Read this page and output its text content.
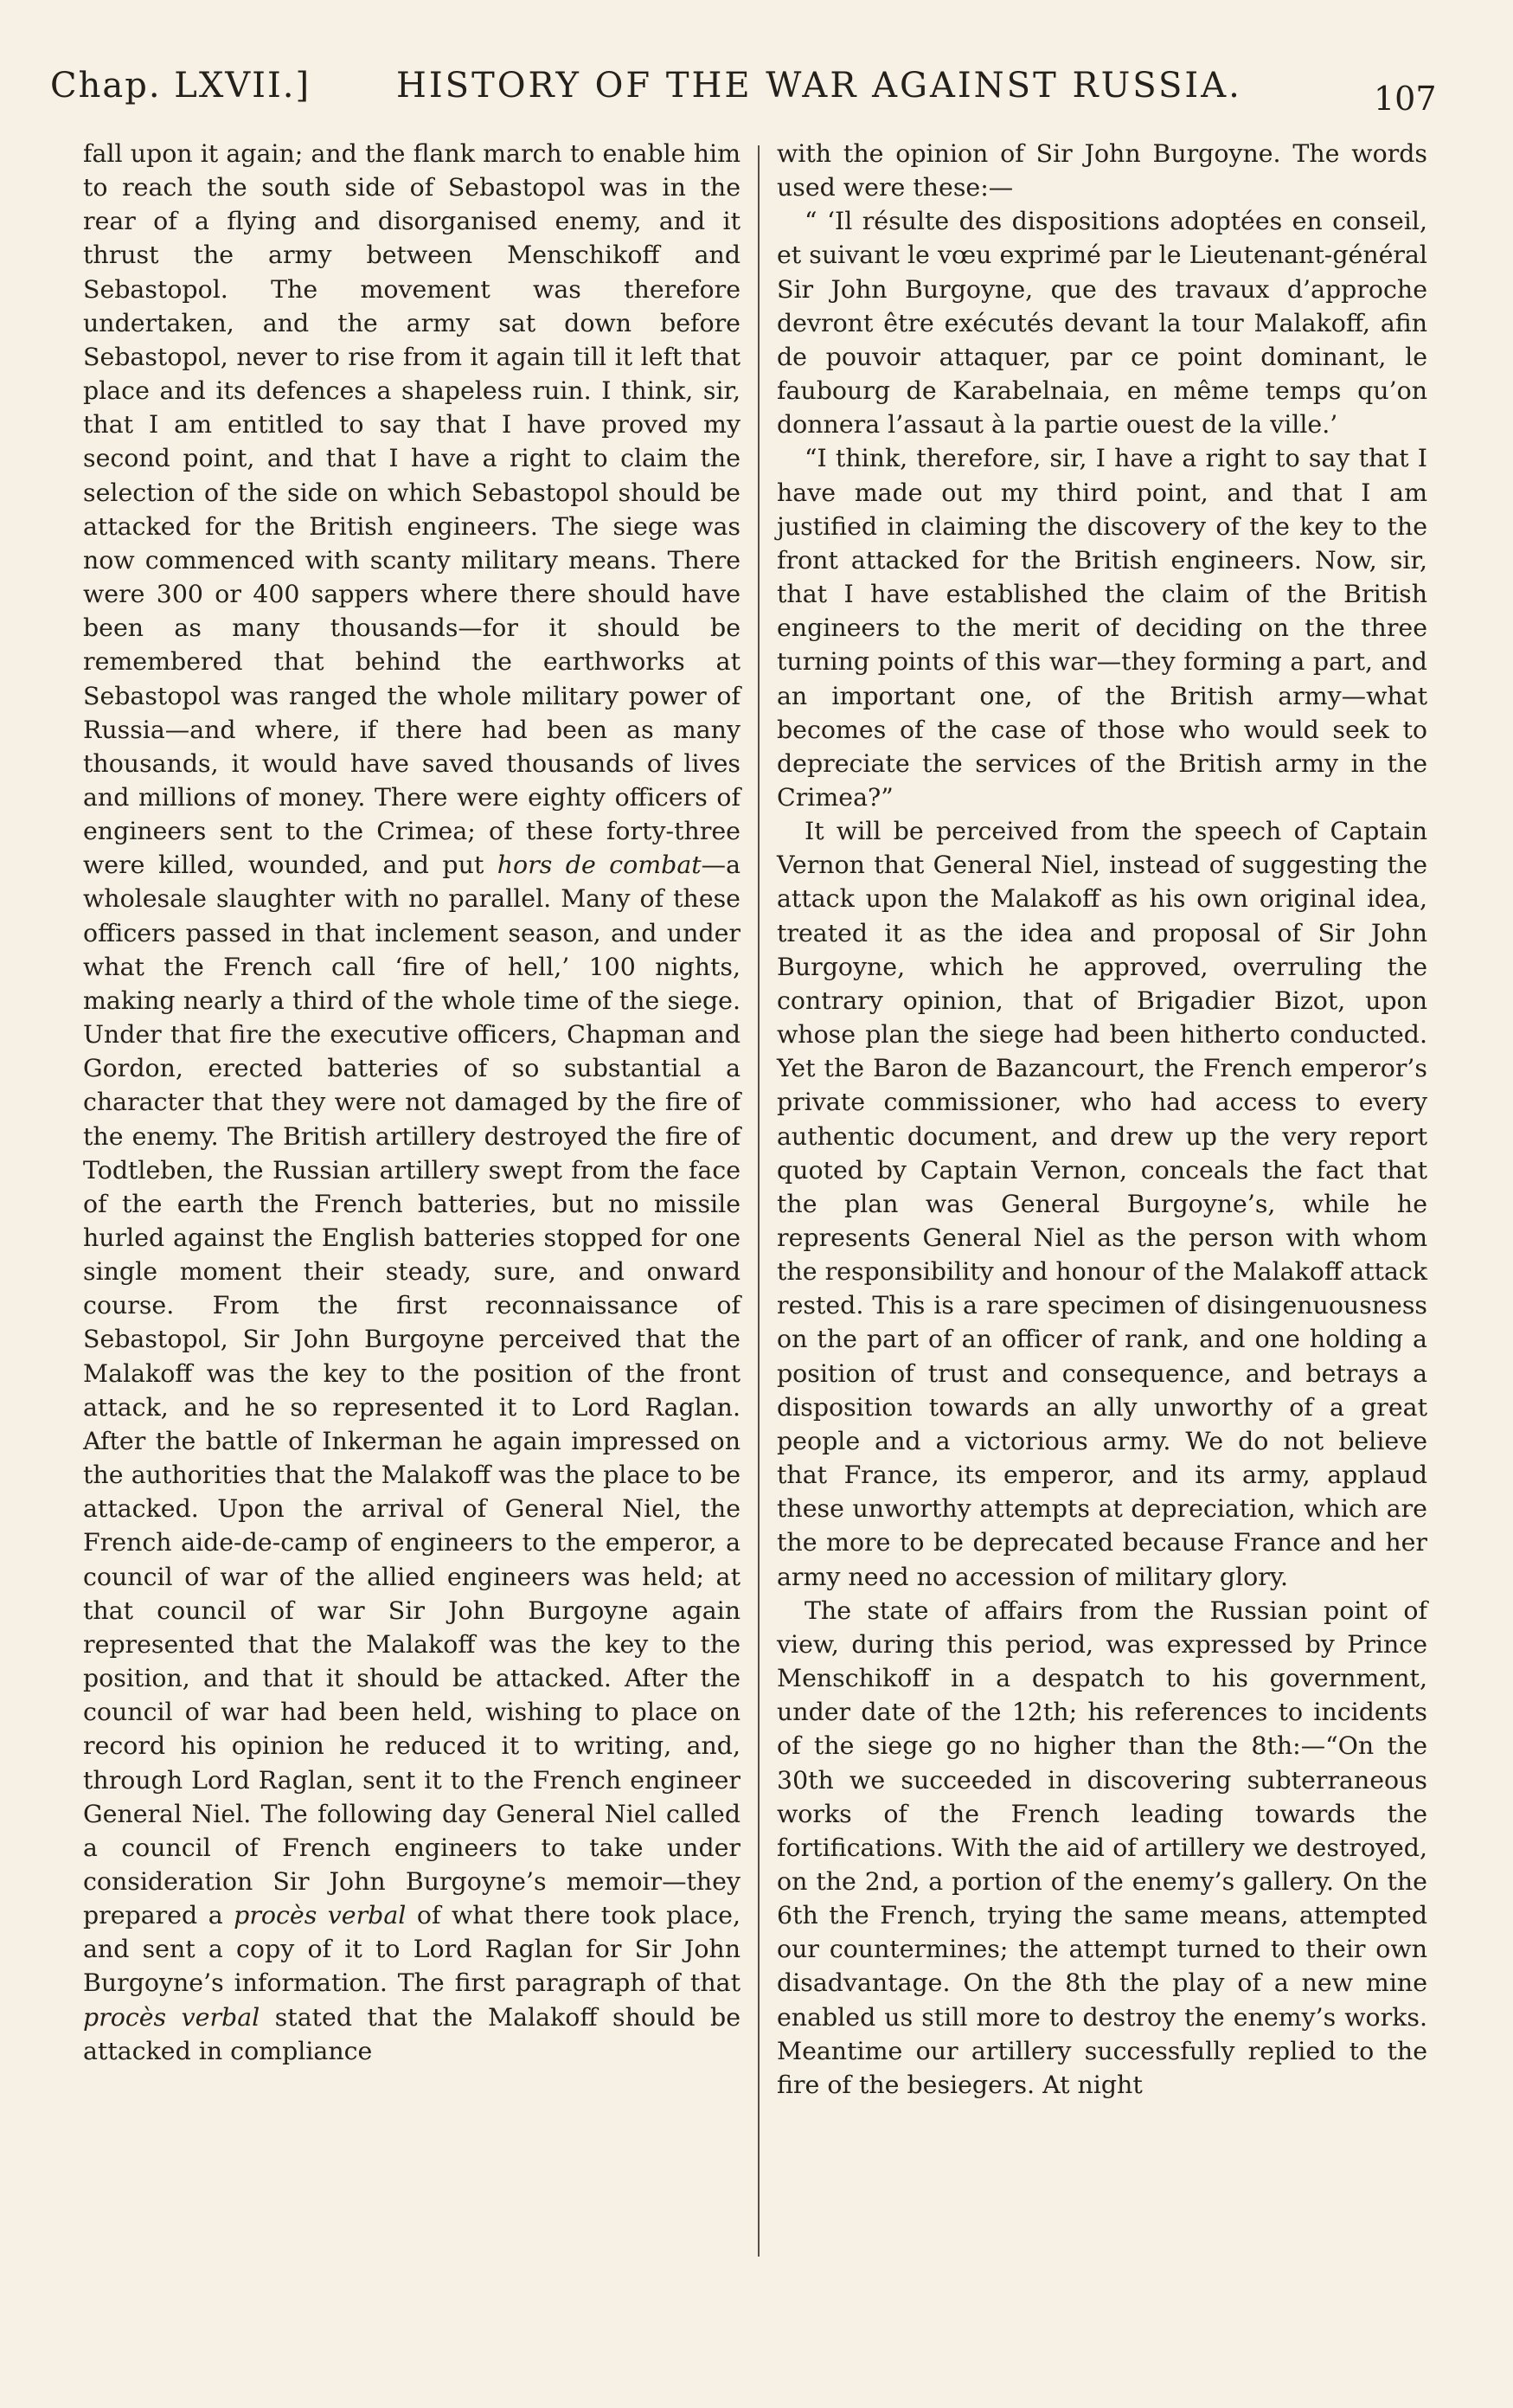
Chap. LXVII.] HISTORY OF THE WAR AGAINST RUSSIA.	107

fall upon it again; and the flank march to enable him to reach the south side of Sebastopol was in the rear of a flying and disorganised enemy, and it thrust the army between Menschikoff and Sebastopol. The movement was therefore undertaken, and the army sat down before Sebastopol, never to rise from it again till it left that place and its defences a shapeless ruin. I think, sir, that I am entitled to say that I have proved my second point, and that I have a right to claim the selection of the side on which Sebastopol should be attacked for the British engineers. The siege was now commenced with scanty military means. There were 300 or 400 sappers where there should have been as many thousands—for it should be remembered that behind the earthworks at Sebastopol was ranged the whole military power of Russia—and where, if there had been as many thousands, it would have saved thousands of lives and millions of money. There were eighty officers of engineers sent to the Crimea; of these forty-three were killed, wounded, and put hors de combat—a wholesale slaughter with no parallel. Many of these officers passed in that inclement season, and under what the French call ‘fire of hell,’ 100 nights, making nearly a third of the whole time of the siege. Under that fire the executive officers, Chapman and Gordon, erected batteries of so substantial a character that they were not damaged by the fire of the enemy. The British artillery destroyed the fire of Todtleben, the Russian artillery swept from the face of the earth the French batteries, but no missile hurled against the English batteries stopped for one single moment their steady, sure, and onward course. From the first reconnaissance of Sebastopol, Sir John Burgoyne perceived that the Malakoff was the key to the position of the front attack, and he so represented it to Lord Raglan. After the battle of Inkerman he again impressed on the authorities that the Malakoff was the place to be attacked. Upon the arrival of General Niel, the French aide-de-camp of engineers to the emperor, a council of war of the allied engineers was held; at that council of war Sir John Burgoyne again represented that the Malakoff was the key to the position, and that it should be attacked. After the council of war had been held, wishing to place on record his opinion he reduced it to writing, and, through Lord Raglan, sent it to the French engineer General Niel. The following day General Niel called a council of French engineers to take under consideration Sir John Burgoyne’s memoir—they prepared a procès verbal of what there took place, and sent a copy of it to Lord Raglan for Sir John Burgoyne’s information. The first paragraph of that procès verbal stated that the Malakoff should be attacked in compliance

with the opinion of Sir John Burgoyne. The words used were these:—

“ ‘Il résulte des dispositions adoptées en conseil, et suivant le vœu exprimé par le Lieutenant-général Sir John Burgoyne, que des travaux d’approche devront être exécutés devant la tour Malakoff, afin de pouvoir attaquer, par ce point dominant, le faubourg de Karabelnaia, en même temps qu’on donnera l’assaut à la partie ouest de la ville.’

“I think, therefore, sir, I have a right to say that I have made out my third point, and that I am justified in claiming the discovery of the key to the front attacked for the British engineers. Now, sir, that I have established the claim of the British engineers to the merit of deciding on the three turning points of this war—they forming a part, and an important one, of the British army—what becomes of the case of those who would seek to depreciate the services of the British army in the Crimea?”

It will be perceived from the speech of Captain Vernon that General Niel, instead of suggesting the attack upon the Malakoff as his own original idea, treated it as the idea and proposal of Sir John Burgoyne, which he approved, overruling the contrary opinion, that of Brigadier Bizot, upon whose plan the siege had been hitherto conducted. Yet the Baron de Bazancourt, the French emperor’s private commissioner, who had access to every authentic document, and drew up the very report quoted by Captain Vernon, conceals the fact that the plan was General Burgoyne’s, while he represents General Niel as the person with whom the responsibility and honour of the Malakoff attack rested. This is a rare specimen of disingenuousness on the part of an officer of rank, and one holding a position of trust and consequence, and betrays a disposition towards an ally unworthy of a great people and a victorious army. We do not believe that France, its emperor, and its army, applaud these unworthy attempts at depreciation, which are the more to be deprecated because France and her army need no accession of military glory.

The state of affairs from the Russian point of view, during this period, was expressed by Prince Menschikoff in a despatch to his government, under date of the 12th; his references to incidents of the siege go no higher than the 8th:—“On the 30th we succeeded in discovering subterraneous works of the French leading towards the fortifications. With the aid of artillery we destroyed, on the 2nd, a portion of the enemy’s gallery. On the 6th the French, trying the same means, attempted our countermines; the attempt turned to their own disadvantage. On the 8th the play of a new mine enabled us still more to destroy the enemy’s works. Meantime our artillery successfully replied to the fire of the besiegers. At night
